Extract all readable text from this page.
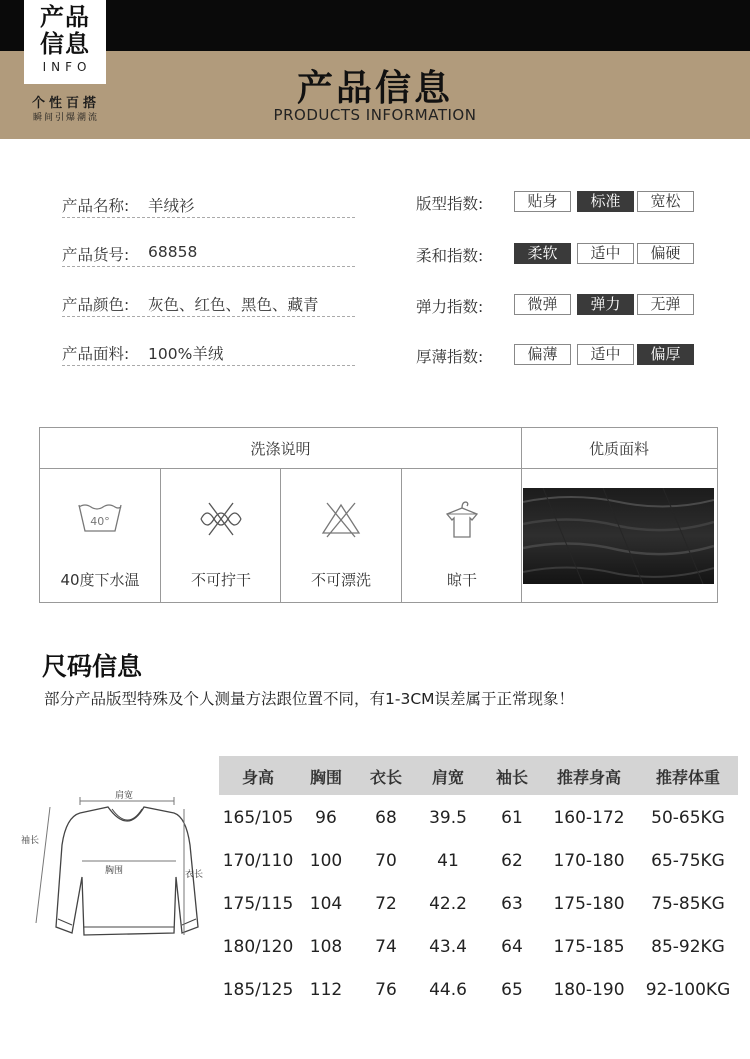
产品
信息
INFO
个性百搭
瞬间引爆潮流
产品信息
PRODUCTS INFORMATION
产品名称: 羊绒衫
产品货号: 68858
产品颜色: 灰色、红色、黑色、藏青
产品面料: 100%羊绒
版型指数:	贴身	标准	宽松
柔和指数:	柔软	适中	偏硬
弹力指数:	微弹	弹力	无弹
厚薄指数:	偏薄	适中	偏厚
洗涤说明	优质面料
40°
40度下水温	不可拧干	不可漂洗	晾干
尺码信息
部分产品版型特殊及个人测量方法跟位置不同，有1-3CM误差属于正常现象！
肩宽
胸围
袖长
衣长
身高	胸围	衣长	肩宽	袖长	推荐身高	推荐体重
165/105	96	68	39.5	61	160-172	50-65KG
170/110 100	70	41	62	170-180	65-75KG
175/115 104	72	42.2	63	175-180	75-85KG
180/120 108	74	43.4	64	175-185	85-92KG
185/125 112	76	44.6	65	180-190	92-100KG
